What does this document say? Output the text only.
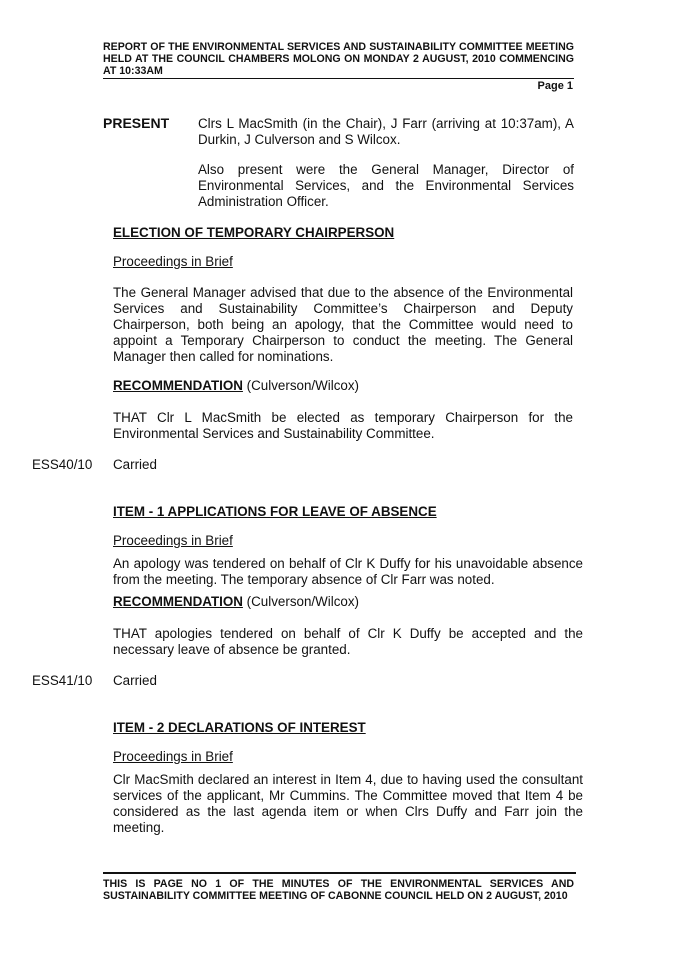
REPORT OF THE ENVIRONMENTAL SERVICES AND SUSTAINABILITY COMMITTEE MEETING HELD AT THE COUNCIL CHAMBERS MOLONG ON MONDAY 2 AUGUST, 2010 COMMENCING AT 10:33AM
Page 1
PRESENT Clrs L MacSmith (in the Chair), J Farr (arriving at 10:37am), A Durkin, J Culverson and S Wilcox.
Also present were the General Manager, Director of Environmental Services, and the Environmental Services Administration Officer.
ELECTION OF TEMPORARY CHAIRPERSON
Proceedings in Brief
The General Manager advised that due to the absence of the Environmental Services and Sustainability Committee’s Chairperson and Deputy Chairperson, both being an apology, that the Committee would need to appoint a Temporary Chairperson to conduct the meeting. The General Manager then called for nominations.
RECOMMENDATION (Culverson/Wilcox)
THAT Clr L MacSmith be elected as temporary Chairperson for the Environmental Services and Sustainability Committee.
ESS40/10 Carried
ITEM - 1 APPLICATIONS FOR LEAVE OF ABSENCE
Proceedings in Brief
An apology was tendered on behalf of Clr K Duffy for his unavoidable absence from the meeting. The temporary absence of Clr Farr was noted.
RECOMMENDATION (Culverson/Wilcox)
THAT apologies tendered on behalf of Clr K Duffy be accepted and the necessary leave of absence be granted.
ESS41/10 Carried
ITEM - 2 DECLARATIONS OF INTEREST
Proceedings in Brief
Clr MacSmith declared an interest in Item 4, due to having used the consultant services of the applicant, Mr Cummins. The Committee moved that Item 4 be considered as the last agenda item or when Clrs Duffy and Farr join the meeting.
THIS IS PAGE NO 1 OF THE MINUTES OF THE ENVIRONMENTAL SERVICES AND SUSTAINABILITY COMMITTEE MEETING OF CABONNE COUNCIL HELD ON 2 AUGUST, 2010
